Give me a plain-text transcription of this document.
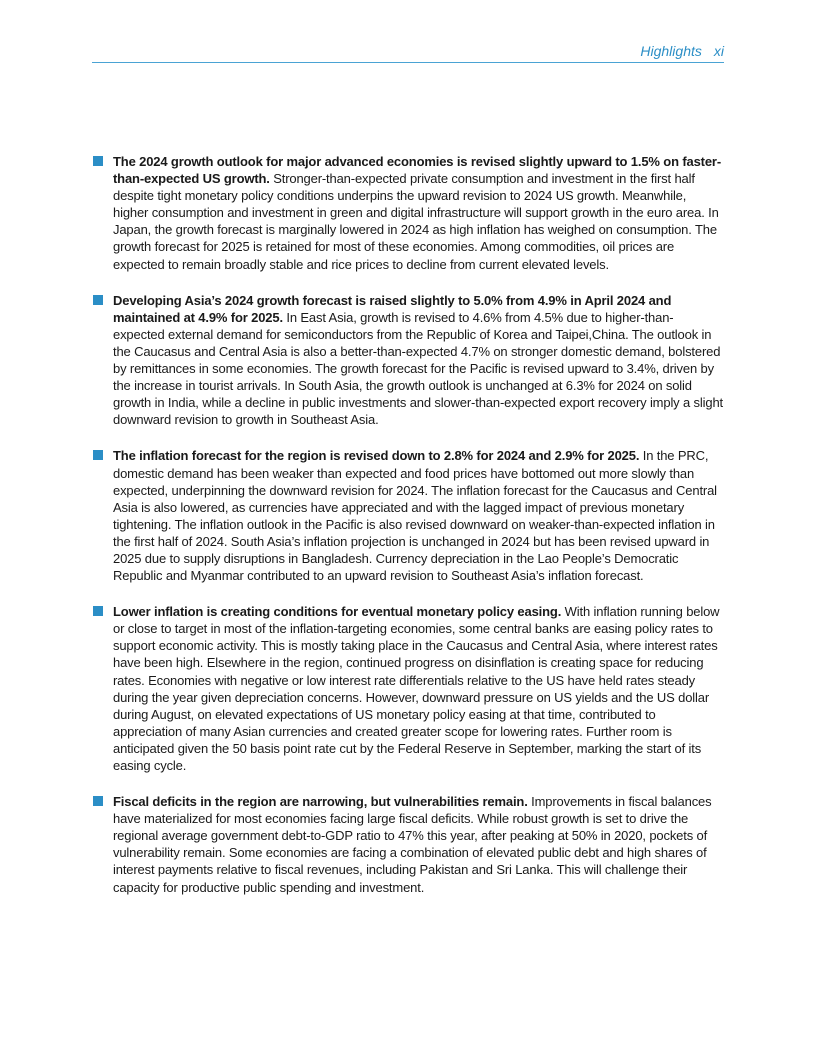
Highlights xi
The 2024 growth outlook for major advanced economies is revised slightly upward to 1.5% on faster-than-expected US growth. Stronger-than-expected private consumption and investment in the first half despite tight monetary policy conditions underpins the upward revision to 2024 US growth. Meanwhile, higher consumption and investment in green and digital infrastructure will support growth in the euro area. In Japan, the growth forecast is marginally lowered in 2024 as high inflation has weighed on consumption. The growth forecast for 2025 is retained for most of these economies. Among commodities, oil prices are expected to remain broadly stable and rice prices to decline from current elevated levels.
Developing Asia’s 2024 growth forecast is raised slightly to 5.0% from 4.9% in April 2024 and maintained at 4.9% for 2025. In East Asia, growth is revised to 4.6% from 4.5% due to higher-than-expected external demand for semiconductors from the Republic of Korea and Taipei,China. The outlook in the Caucasus and Central Asia is also a better-than-expected 4.7% on stronger domestic demand, bolstered by remittances in some economies. The growth forecast for the Pacific is revised upward to 3.4%, driven by the increase in tourist arrivals. In South Asia, the growth outlook is unchanged at 6.3% for 2024 on solid growth in India, while a decline in public investments and slower-than-expected export recovery imply a slight downward revision to growth in Southeast Asia.
The inflation forecast for the region is revised down to 2.8% for 2024 and 2.9% for 2025. In the PRC, domestic demand has been weaker than expected and food prices have bottomed out more slowly than expected, underpinning the downward revision for 2024. The inflation forecast for the Caucasus and Central Asia is also lowered, as currencies have appreciated and with the lagged impact of previous monetary tightening. The inflation outlook in the Pacific is also revised downward on weaker-than-expected inflation in the first half of 2024. South Asia’s inflation projection is unchanged in 2024 but has been revised upward in 2025 due to supply disruptions in Bangladesh. Currency depreciation in the Lao People’s Democratic Republic and Myanmar contributed to an upward revision to Southeast Asia’s inflation forecast.
Lower inflation is creating conditions for eventual monetary policy easing. With inflation running below or close to target in most of the inflation-targeting economies, some central banks are easing policy rates to support economic activity. This is mostly taking place in the Caucasus and Central Asia, where interest rates have been high. Elsewhere in the region, continued progress on disinflation is creating space for reducing rates. Economies with negative or low interest rate differentials relative to the US have held rates steady during the year given depreciation concerns. However, downward pressure on US yields and the US dollar during August, on elevated expectations of US monetary policy easing at that time, contributed to appreciation of many Asian currencies and created greater scope for lowering rates. Further room is anticipated given the 50 basis point rate cut by the Federal Reserve in September, marking the start of its easing cycle.
Fiscal deficits in the region are narrowing, but vulnerabilities remain. Improvements in fiscal balances have materialized for most economies facing large fiscal deficits. While robust growth is set to drive the regional average government debt-to-GDP ratio to 47% this year, after peaking at 50% in 2020, pockets of vulnerability remain. Some economies are facing a combination of elevated public debt and high shares of interest payments relative to fiscal revenues, including Pakistan and Sri Lanka. This will challenge their capacity for productive public spending and investment.
